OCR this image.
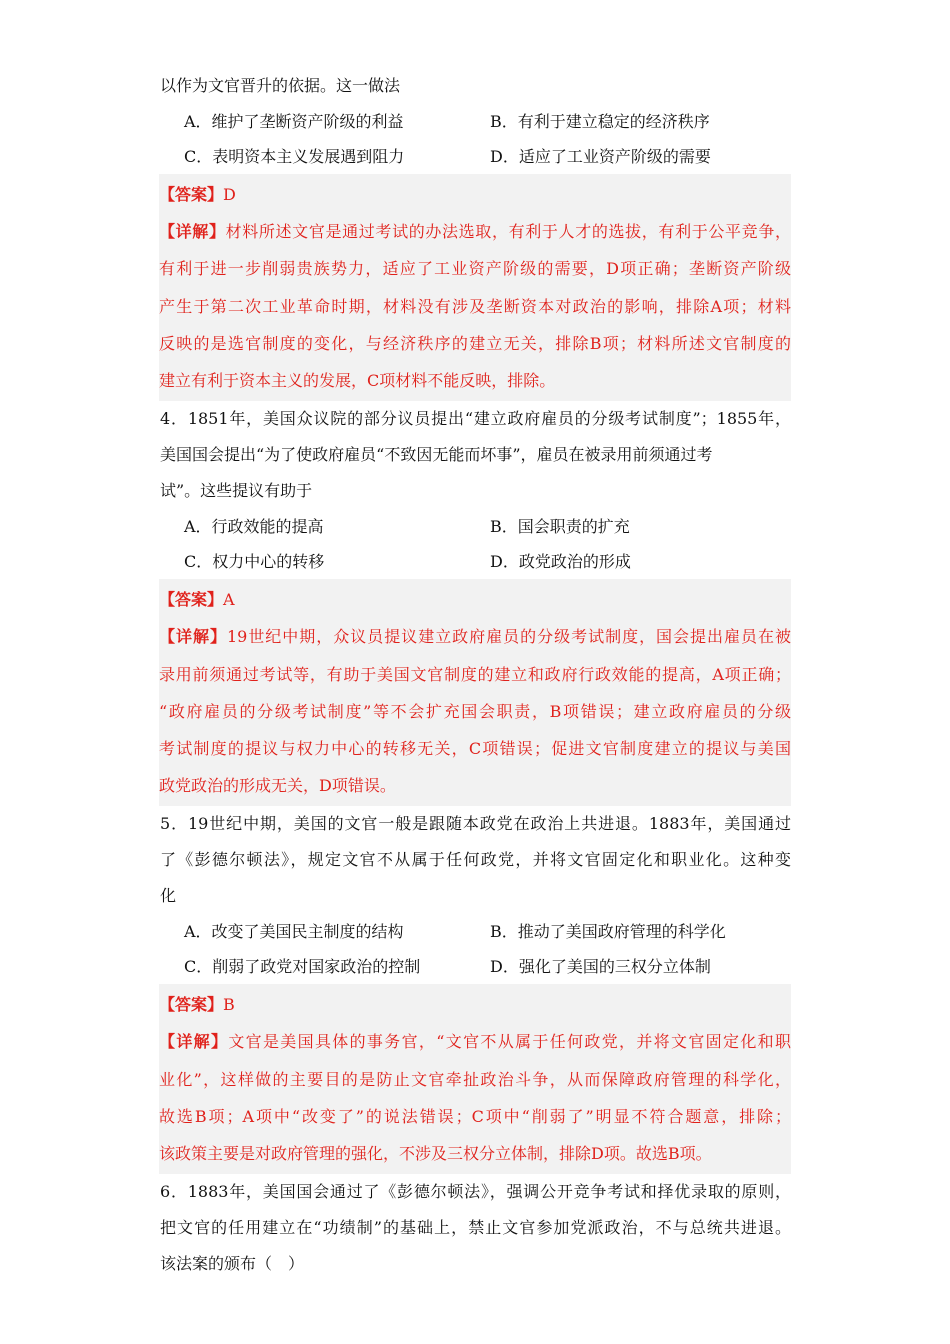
以作为文官晋升的依据。这一做法
A．维护了垄断资产阶级的利益	B．有利于建立稳定的经济秩序
C．表明资本主义发展遇到阻力	D．适应了工业资产阶级的需要
【答案】D
【详解】材料所述文官是通过考试的办法选取，有利于人才的选拔，有利于公平竞争，
有利于进一步削弱贵族势力，适应了工业资产阶级的需要，D项正确；垄断资产阶级
产生于第二次工业革命时期，材料没有涉及垄断资本对政治的影响，排除A项；材料
反映的是选官制度的变化，与经济秩序的建立无关，排除B项；材料所述文官制度的
建立有利于资本主义的发展，C项材料不能反映，排除。
4．1851年，美国众议院的部分议员提出“建立政府雇员的分级考试制度”；1855年，
美国国会提出“为了使政府雇员“不致因无能而坏事”，雇员在被录用前须通过考
试”。这些提议有助于
A．行政效能的提高	B．国会职责的扩充
C．权力中心的转移	D．政党政治的形成
【答案】A
【详解】19世纪中期，众议员提议建立政府雇员的分级考试制度，国会提出雇员在被
录用前须通过考试等，有助于美国文官制度的建立和政府行政效能的提高，A项正确；
“政府雇员的分级考试制度”等不会扩充国会职责，B项错误；建立政府雇员的分级
考试制度的提议与权力中心的转移无关，C项错误；促进文官制度建立的提议与美国
政党政治的形成无关，D项错误。
5．19世纪中期，美国的文官一般是跟随本政党在政治上共进退。1883年，美国通过
了《彭德尔顿法》，规定文官不从属于任何政党，并将文官固定化和职业化。这种变
化
A．改变了美国民主制度的结构	B．推动了美国政府管理的科学化
C．削弱了政党对国家政治的控制	D．强化了美国的三权分立体制
【答案】B
【详解】文官是美国具体的事务官，“文官不从属于任何政党，并将文官固定化和职
业化”，这样做的主要目的是防止文官牵扯政治斗争，从而保障政府管理的科学化，
故选B项；A项中“改变了”的说法错误；C项中“削弱了”明显不符合题意，排除；
该政策主要是对政府管理的强化，不涉及三权分立体制，排除D项。故选B项。
6．1883年，美国国会通过了《彭德尔顿法》，强调公开竞争考试和择优录取的原则，
把文官的任用建立在“功绩制”的基础上，禁止文官参加党派政治，不与总统共进退。
该法案的颁布（　）
